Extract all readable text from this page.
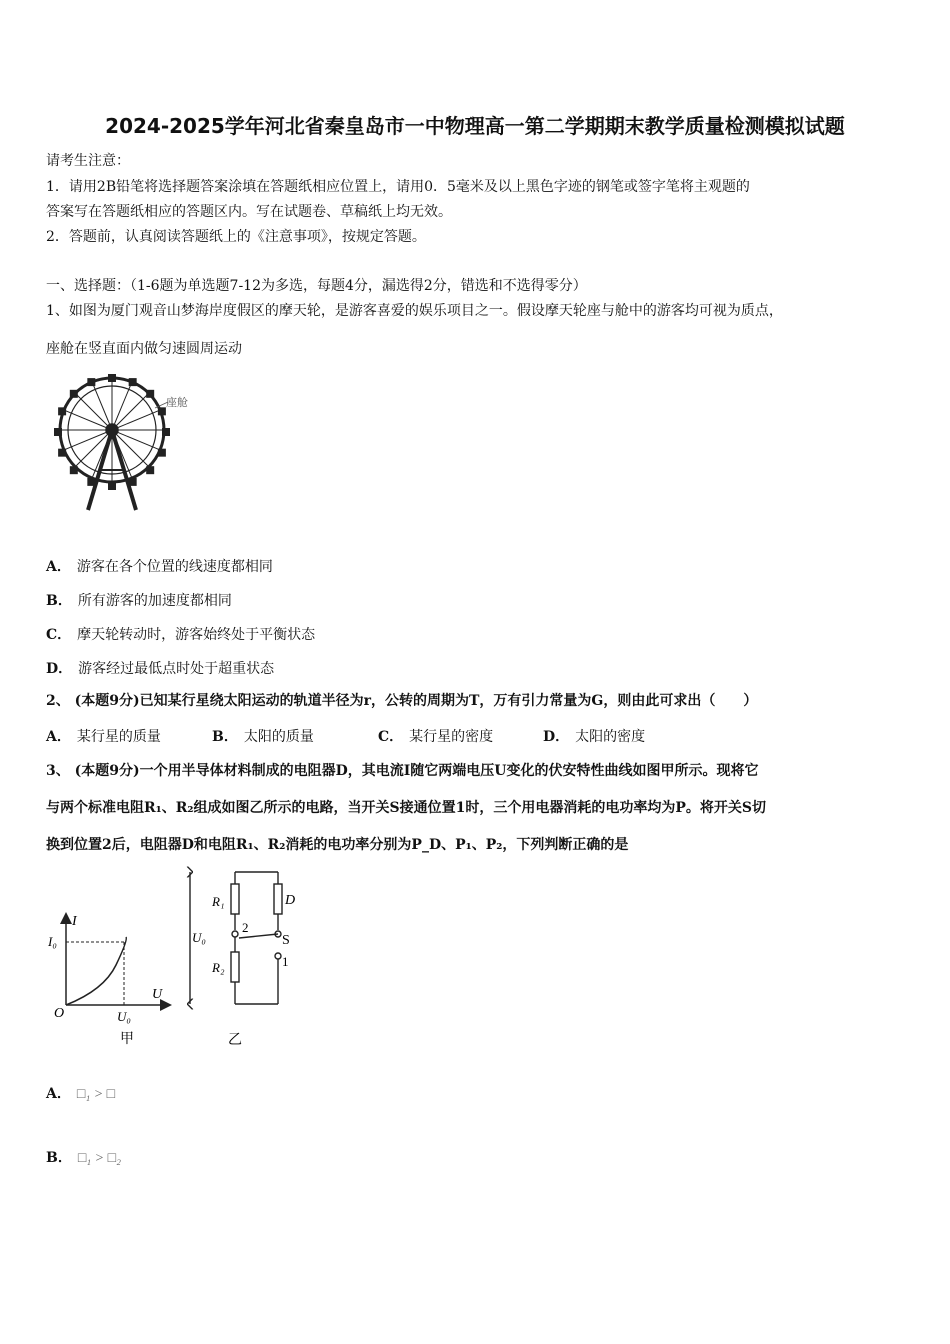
2024-2025学年河北省秦皇岛市一中物理高一第二学期期末教学质量检测模拟试题
请考生注意：
1．请用2B铅笔将选择题答案涂填在答题纸相应位置上，请用0．5毫米及以上黑色字迹的钢笔或签字笔将主观题的
答案写在答题纸相应的答题区内。写在试题卷、草稿纸上均无效。
2．答题前，认真阅读答题纸上的《注意事项》，按规定答题。
一、选择题：（1-6题为单选题7-12为多选，每题4分，漏选得2分，错选和不选得零分）
1、如图为厦门观音山梦海岸度假区的摩天轮，是游客喜爱的娱乐项目之一。假设摩天轮座与舱中的游客均可视为质点，
座舱在竖直面内做匀速圆周运动
座舱
A． 游客在各个位置的线速度都相同
B． 所有游客的加速度都相同
C． 摩天轮转动时，游客始终处于平衡状态
D． 游客经过最低点时处于超重状态
2、 (本题9分)已知某行星绕太阳运动的轨道半径为r，公转的周期为T，万有引力常量为G，则由此可求出（　　）
A． 某行星的质量	B． 太阳的质量	C． 某行星的密度	D． 太阳的密度
3、 (本题9分)一个用半导体材料制成的电阻器D，其电流I随它两端电压U变化的伏安特性曲线如图甲所示。现将它
与两个标准电阻R₁、R₂组成如图乙所示的电路，当开关S接通位置1时，三个用电器消耗的电功率均为P。将开关S切
换到位置2后，电阻器D和电阻R₁、R₂消耗的电功率分别为P_D、P₁、P₂，下列判断正确的是
I
U
O
I₀
U₀
甲
R₁
R₂
D
S
U₀
1
2
乙
A． □₁ > □
B． □₁ > □₂
